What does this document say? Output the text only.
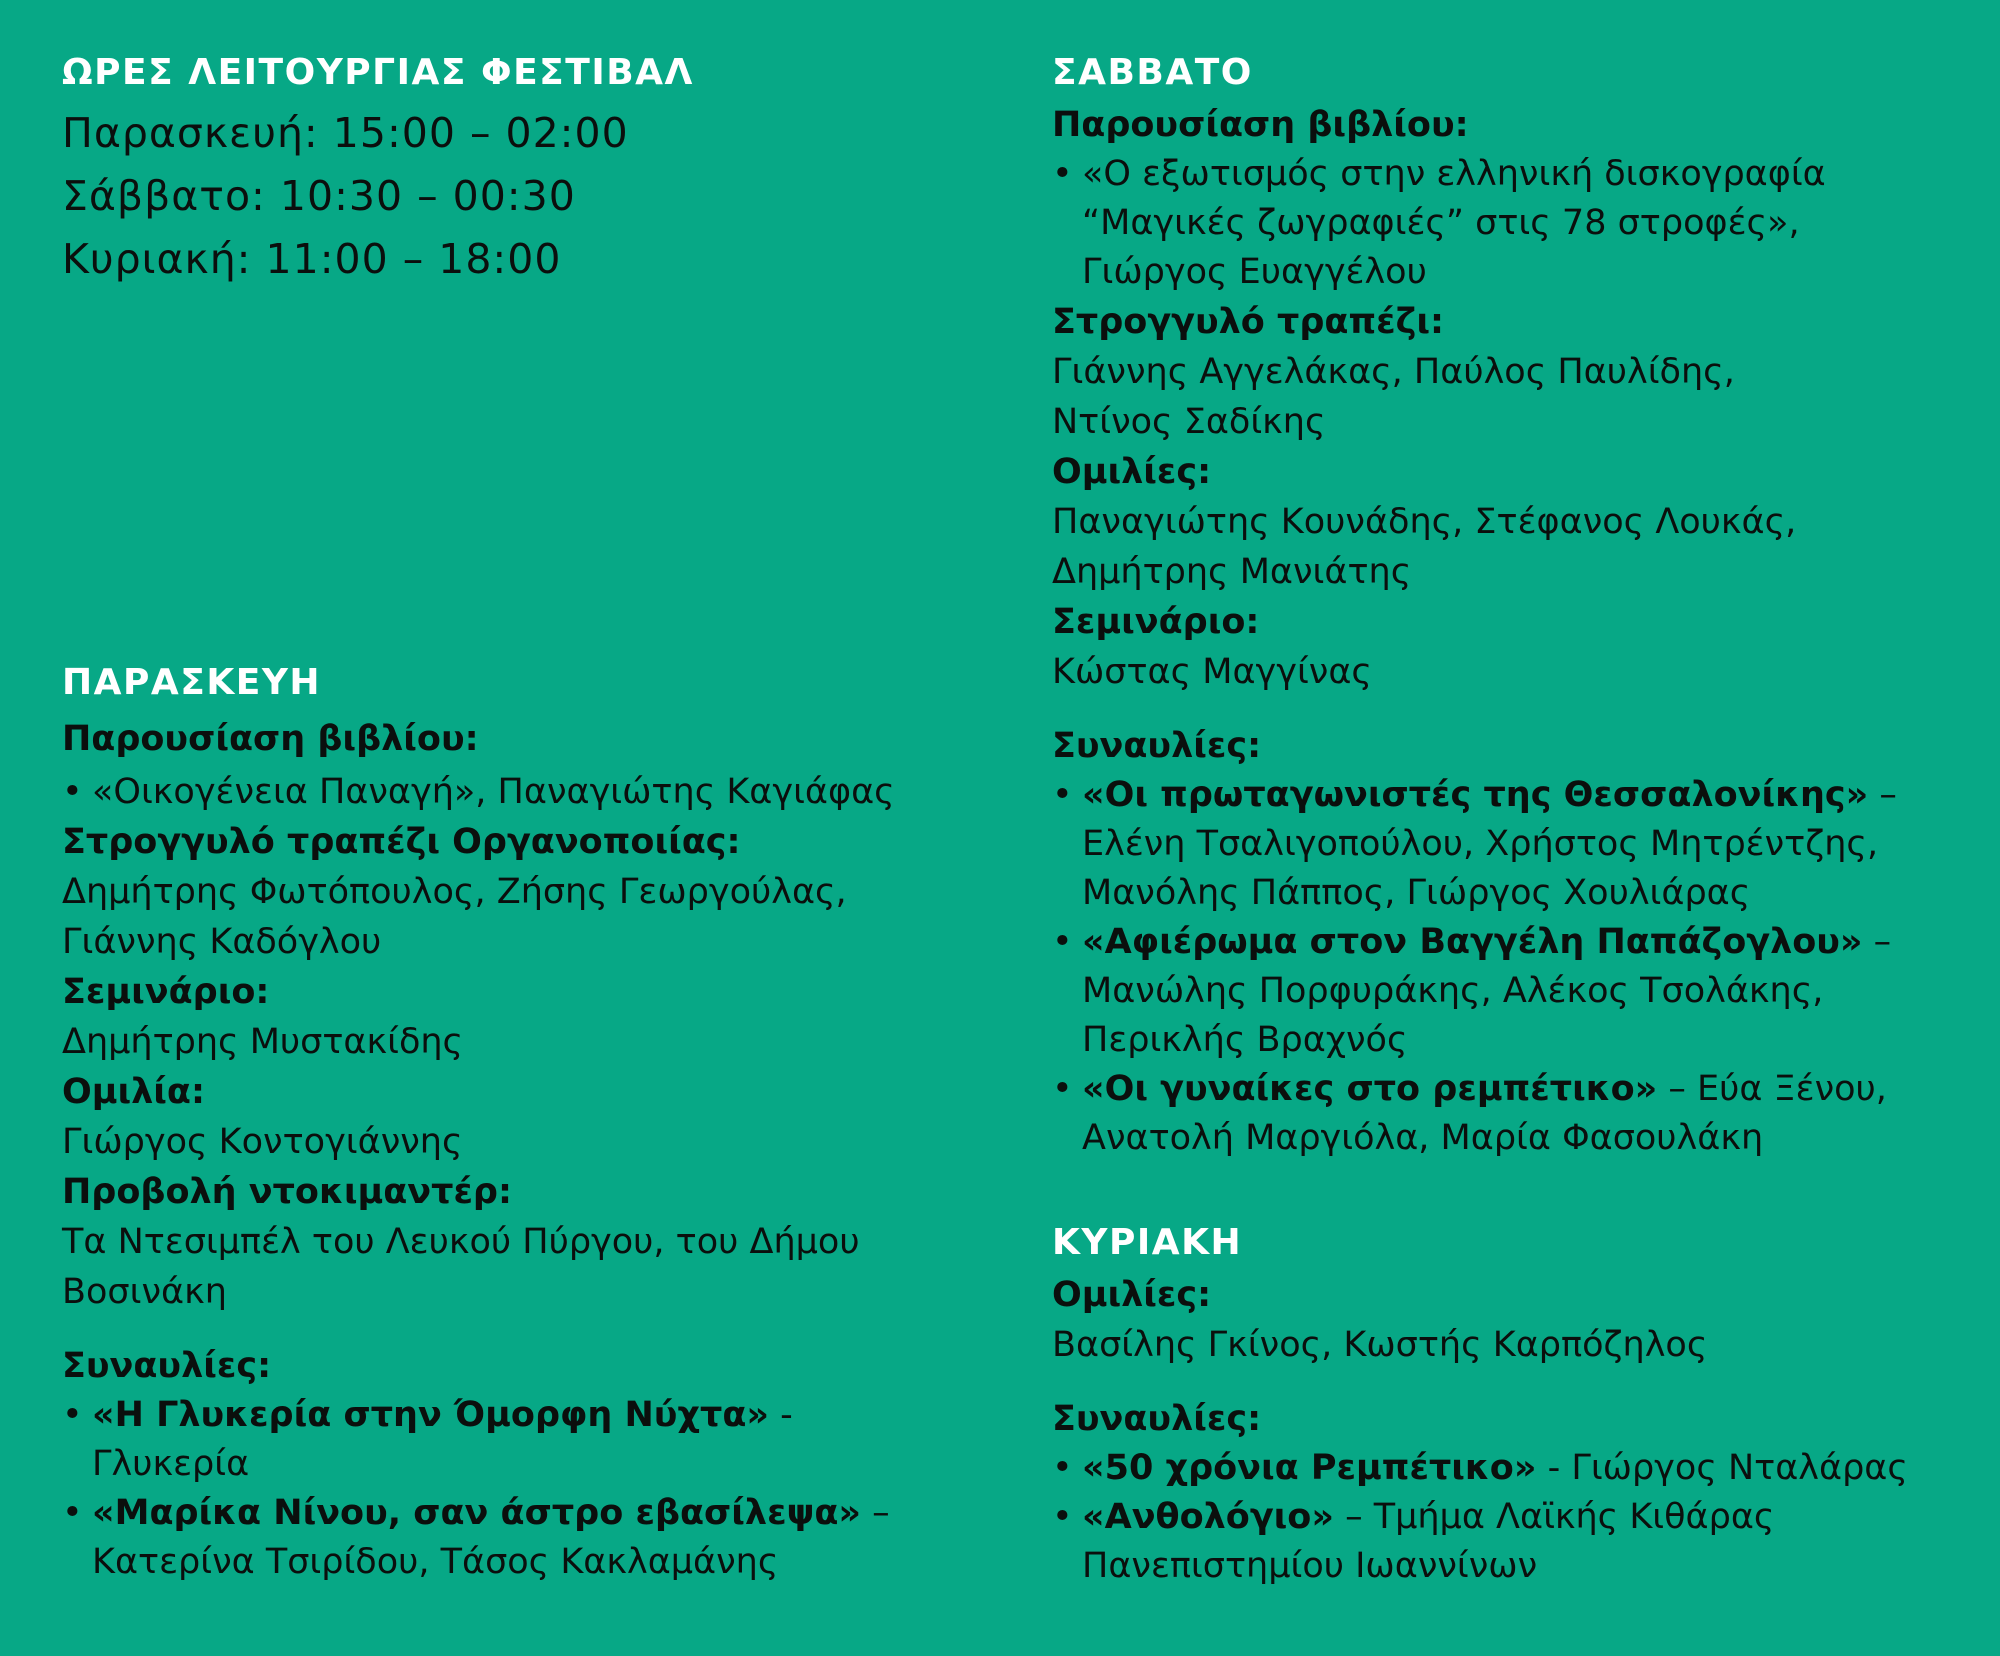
ΩΡΕΣ ΛΕΙΤΟΥΡΓΙΑΣ ΦΕΣΤΙΒΑΛ
Παρασκευή: 15:00 – 02:00
Σάββατο: 10:30 – 00:30
Κυριακή: 11:00 – 18:00
ΠΑΡΑΣΚΕΥΗ
Παρουσίαση βιβλίου:
• «Οικογένεια Παναγή», Παναγιώτης Καγιάφας
Στρογγυλό τραπέζι Οργανοποιίας:
Δημήτρης Φωτόπουλος, Ζήσης Γεωργούλας,
Γιάννης Καδόγλου
Σεμινάριο:
Δημήτρης Μυστακίδης
Ομιλία:
Γιώργος Κοντογιάννης
Προβολή ντοκιμαντέρ:
Τα Ντεσιμπέλ του Λευκού Πύργου, του Δήμου
Βοσινάκη
Συναυλίες:
• «Η Γλυκερία στην Όμορφη Νύχτα» -
Γλυκερία
• «Μαρίκα Νίνου, σαν άστρο εβασίλεψα» –
Κατερίνα Τσιρίδου, Τάσος Κακλαμάνης
ΣΑΒΒΑΤΟ
Παρουσίαση βιβλίου:
• «Ο εξωτισμός στην ελληνική δισκογραφία
“Μαγικές ζωγραφιές” στις 78 στροφές»,
Γιώργος Ευαγγέλου
Στρογγυλό τραπέζι:
Γιάννης Αγγελάκας, Παύλος Παυλίδης,
Ντίνος Σαδίκης
Ομιλίες:
Παναγιώτης Κουνάδης, Στέφανος Λουκάς,
Δημήτρης Μανιάτης
Σεμινάριο:
Κώστας Μαγγίνας
Συναυλίες:
• «Οι πρωταγωνιστές της Θεσσαλονίκης» –
Ελένη Τσαλιγοπούλου, Χρήστος Μητρέντζης,
Μανόλης Πάππος, Γιώργος Χουλιάρας
• «Αφιέρωμα στον Βαγγέλη Παπάζογλου» –
Μανώλης Πορφυράκης, Αλέκος Τσολάκης,
Περικλής Βραχνός
• «Οι γυναίκες στο ρεμπέτικο» – Εύα Ξένου,
Ανατολή Μαργιόλα, Μαρία Φασουλάκη
ΚΥΡΙΑΚΗ
Ομιλίες:
Βασίλης Γκίνος, Κωστής Καρπόζηλος
Συναυλίες:
• «50 χρόνια Ρεμπέτικο» - Γιώργος Νταλάρας
• «Ανθολόγιο» – Τμήμα Λαϊκής Κιθάρας
Πανεπιστημίου Ιωαννίνων
